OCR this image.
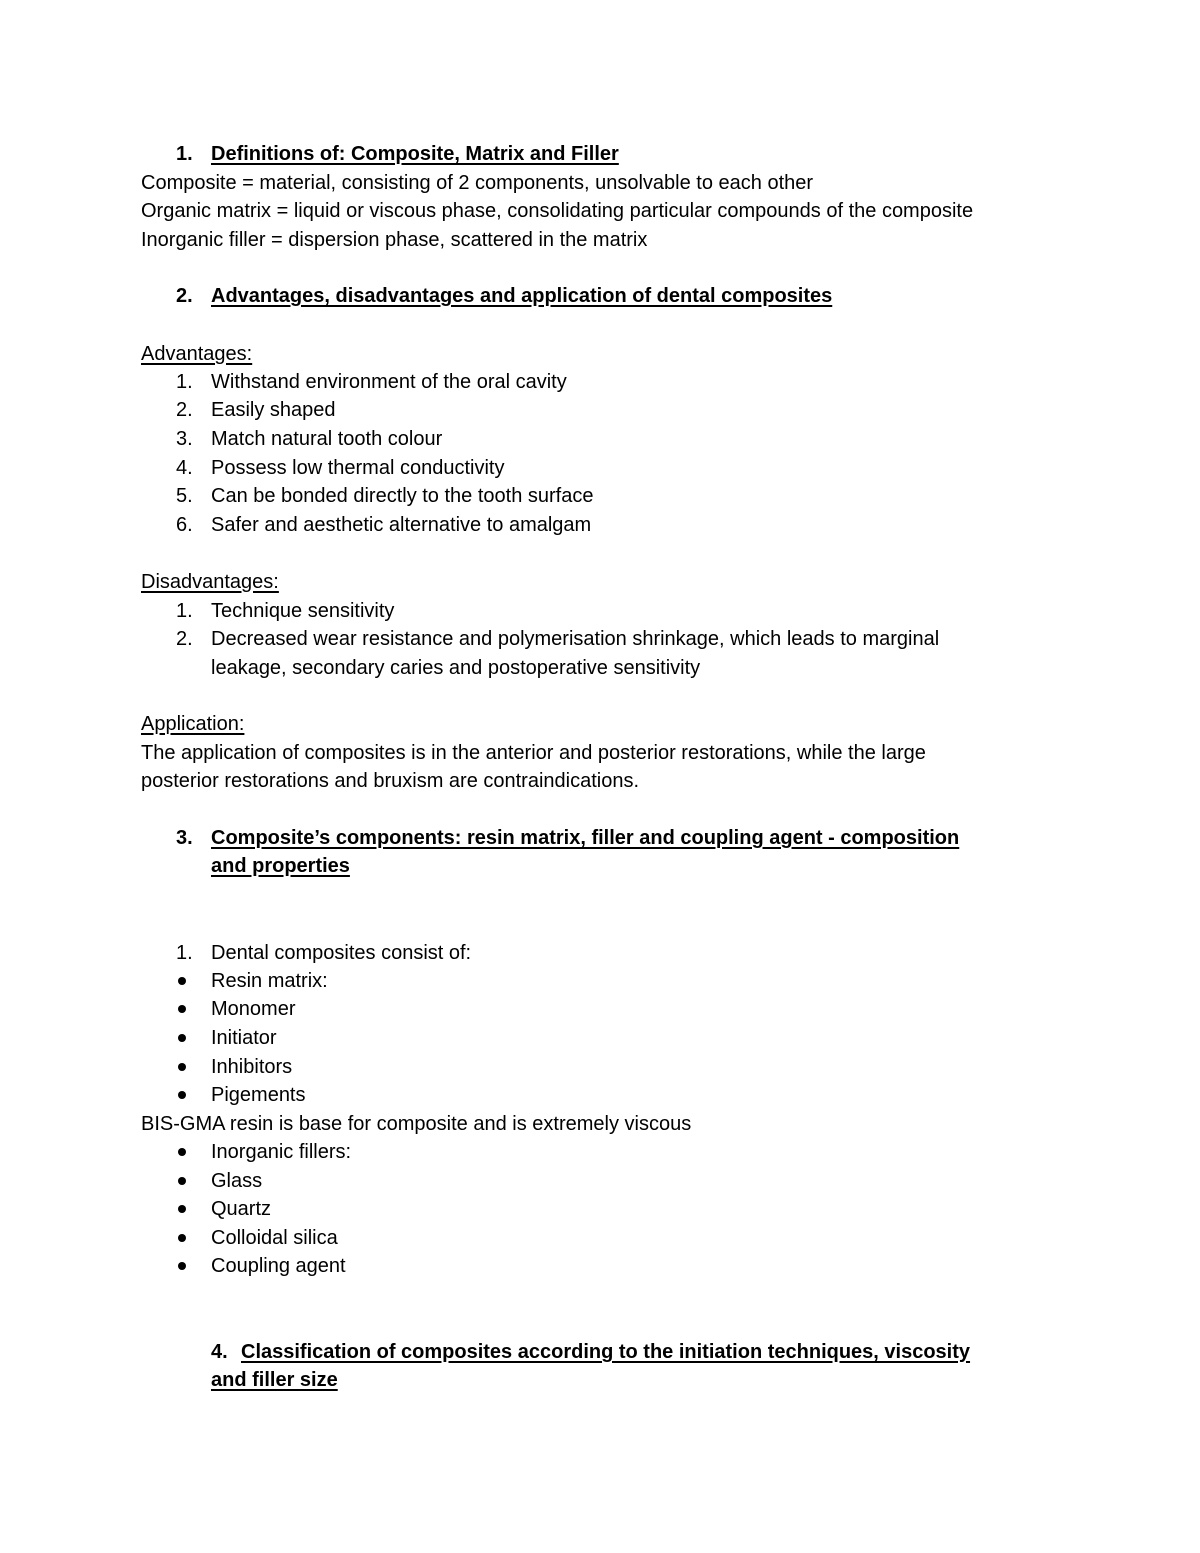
1. Definitions of: Composite, Matrix and Filler
Composite = material, consisting of 2 components, unsolvable to each other
Organic matrix = liquid or viscous phase, consolidating particular compounds of the composite
Inorganic filler = dispersion phase, scattered in the matrix
2. Advantages, disadvantages and application of dental composites
Advantages:
1. Withstand environment of the oral cavity
2. Easily shaped
3. Match natural tooth colour
4. Possess low thermal conductivity
5. Can be bonded directly to the tooth surface
6. Safer and aesthetic alternative to amalgam
Disadvantages:
1. Technique sensitivity
2. Decreased wear resistance and polymerisation shrinkage, which leads to marginal
leakage, secondary caries and postoperative sensitivity
Application:
The application of composites is in the anterior and posterior restorations, while the large
posterior restorations and bruxism are contraindications.
3. Composite’s components: resin matrix, filler and coupling agent - composition
and properties
1. Dental composites consist of:
Resin matrix:
Monomer
Initiator
Inhibitors
Pigements
BIS-GMA resin is base for composite and is extremely viscous
Inorganic fillers:
Glass
Quartz
Colloidal silica
Coupling agent
4. Classification of composites according to the initiation techniques, viscosity
and filler size
